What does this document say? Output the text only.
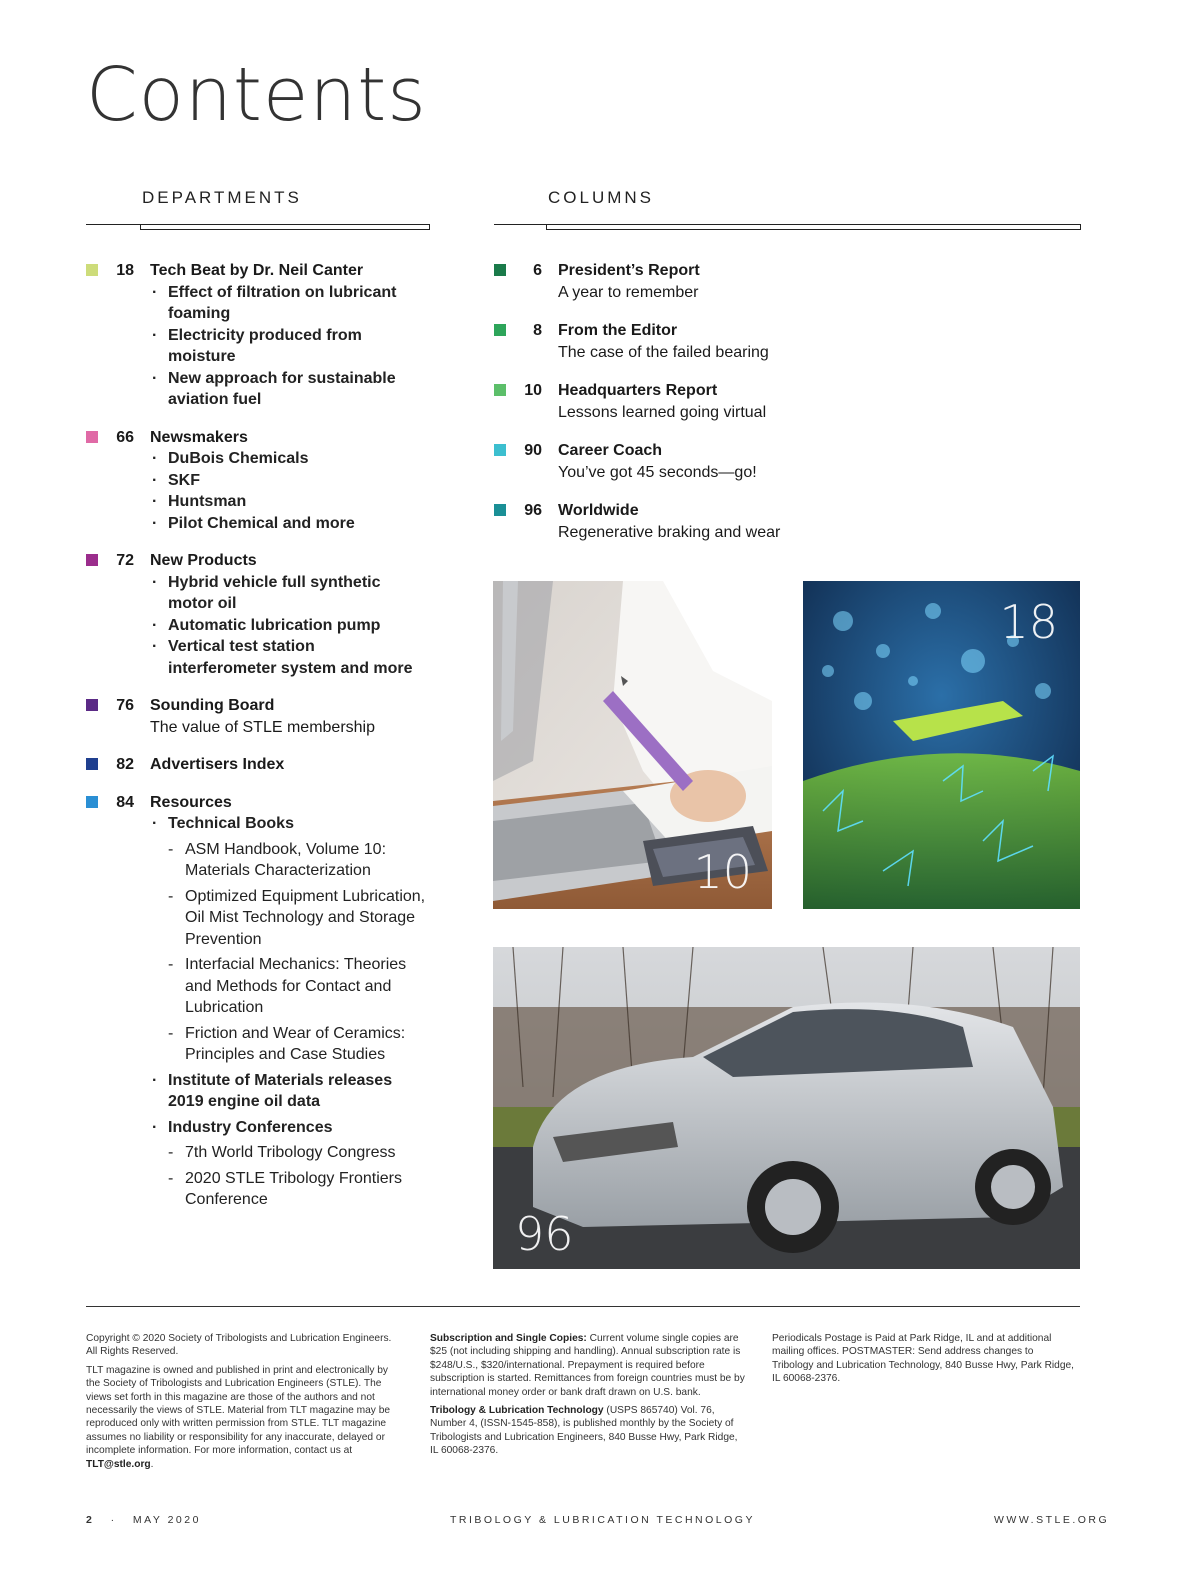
Contents
DEPARTMENTS	COLUMNS
18 Tech Beat by Dr. Neil Canter
· Effect of filtration on lubricant foaming
· Electricity produced from moisture
· New approach for sustainable aviation fuel
66 Newsmakers
· DuBois Chemicals
· SKF
· Huntsman
· Pilot Chemical and more
72 New Products
· Hybrid vehicle full synthetic motor oil
· Automatic lubrication pump
· Vertical test station interferometer system and more
76 Sounding Board
The value of STLE membership
82 Advertisers Index
84 Resources
· Technical Books
- ASM Handbook, Volume 10: Materials Characterization
- Optimized Equipment Lubrication, Oil Mist Technology and Storage Prevention
- Interfacial Mechanics: Theories and Methods for Contact and Lubrication
- Friction and Wear of Ceramics: Principles and Case Studies
· Institute of Materials releases 2019 engine oil data
· Industry Conferences
- 7th World Tribology Congress
- 2020 STLE Tribology Frontiers Conference
6 President’s Report
A year to remember
8 From the Editor
The case of the failed bearing
10 Headquarters Report
Lessons learned going virtual
90 Career Coach
You’ve got 45 seconds—go!
96 Worldwide
Regenerative braking and wear
10
18
96

Copyright © 2020 Society of Tribologists and Lubrication Engineers. All Rights Reserved.

TLT magazine is owned and published in print and electronically by the Society of Tribologists and Lubrication Engineers (STLE). The views set forth in this magazine are those of the authors and not necessarily the views of STLE. Material from TLT magazine may be reproduced only with written permission from STLE. TLT magazine assumes no liability or responsibility for any inaccurate, delayed or incomplete information. For more information, contact us at TLT@stle.org.

Subscription and Single Copies: Current volume single copies are $25 (not including shipping and handling). Annual subscription rate is $248/U.S., $320/international. Prepayment is required before subscription is started. Remittances from foreign countries must be by international money order or bank draft drawn on U.S. bank.

Tribology & Lubrication Technology (USPS 865740) Vol. 76, Number 4, (ISSN-1545-858), is published monthly by the Society of Tribologists and Lubrication Engineers, 840 Busse Hwy, Park Ridge, IL 60068-2376.

Periodicals Postage is Paid at Park Ridge, IL and at additional mailing offices. POSTMASTER: Send address changes to Tribology and Lubrication Technology, 840 Busse Hwy, Park Ridge, IL 60068-2376.

2 · MAY 2020	TRIBOLOGY & LUBRICATION TECHNOLOGY	WWW.STLE.ORG
